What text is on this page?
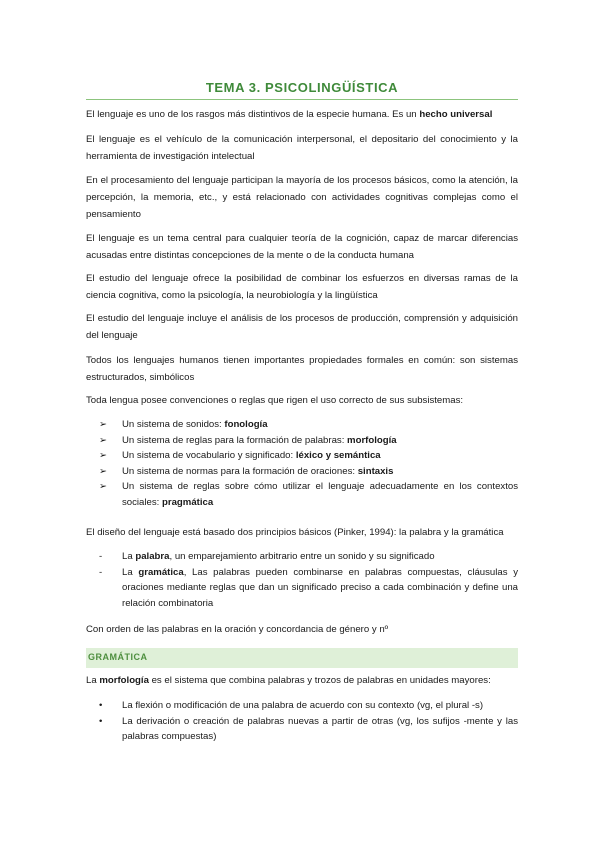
TEMA 3. PSICOLINGÜÍSTICA
El lenguaje es uno de los rasgos más distintivos de la especie humana. Es un hecho universal
El lenguaje es el vehículo de la comunicación interpersonal, el depositario del conocimiento y la herramienta de investigación intelectual
En el procesamiento del lenguaje participan la mayoría de los procesos básicos, como la atención, la percepción, la memoria, etc., y está relacionado con actividades cognitivas complejas como el pensamiento
El lenguaje es un tema central para cualquier teoría de la cognición, capaz de marcar diferencias acusadas entre distintas concepciones de la mente o de la conducta humana
El estudio del lenguaje ofrece la posibilidad de combinar los esfuerzos en diversas ramas de la ciencia cognitiva, como la psicología, la neurobiología y la lingüística
El estudio del lenguaje incluye el análisis de los procesos de producción, comprensión y adquisición del lenguaje
Todos los lenguajes humanos tienen importantes propiedades formales en común: son sistemas estructurados, simbólicos
Toda lengua posee convenciones o reglas que rigen el uso correcto de sus subsistemas:
➢ Un sistema de sonidos: fonología
➢ Un sistema de reglas para la formación de palabras: morfología
➢ Un sistema de vocabulario y significado: léxico y semántica
➢ Un sistema de normas para la formación de oraciones: sintaxis
➢ Un sistema de reglas sobre cómo utilizar el lenguaje adecuadamente en los contextos sociales: pragmática
El diseño del lenguaje está basado dos principios básicos (Pinker, 1994): la palabra y la gramática
- La palabra, un emparejamiento arbitrario entre un sonido y su significado
- La gramática, Las palabras pueden combinarse en palabras compuestas, cláusulas y oraciones mediante reglas que dan un significado preciso a cada combinación y define una relación combinatoria
Con orden de las palabras en la oración y concordancia de género y nº
GRAMÁTICA
La morfología es el sistema que combina palabras y trozos de palabras en unidades mayores:
• La flexión o modificación de una palabra de acuerdo con su contexto (vg, el plural -s)
• La derivación o creación de palabras nuevas a partir de otras (vg, los sufijos -mente y las palabras compuestas)
